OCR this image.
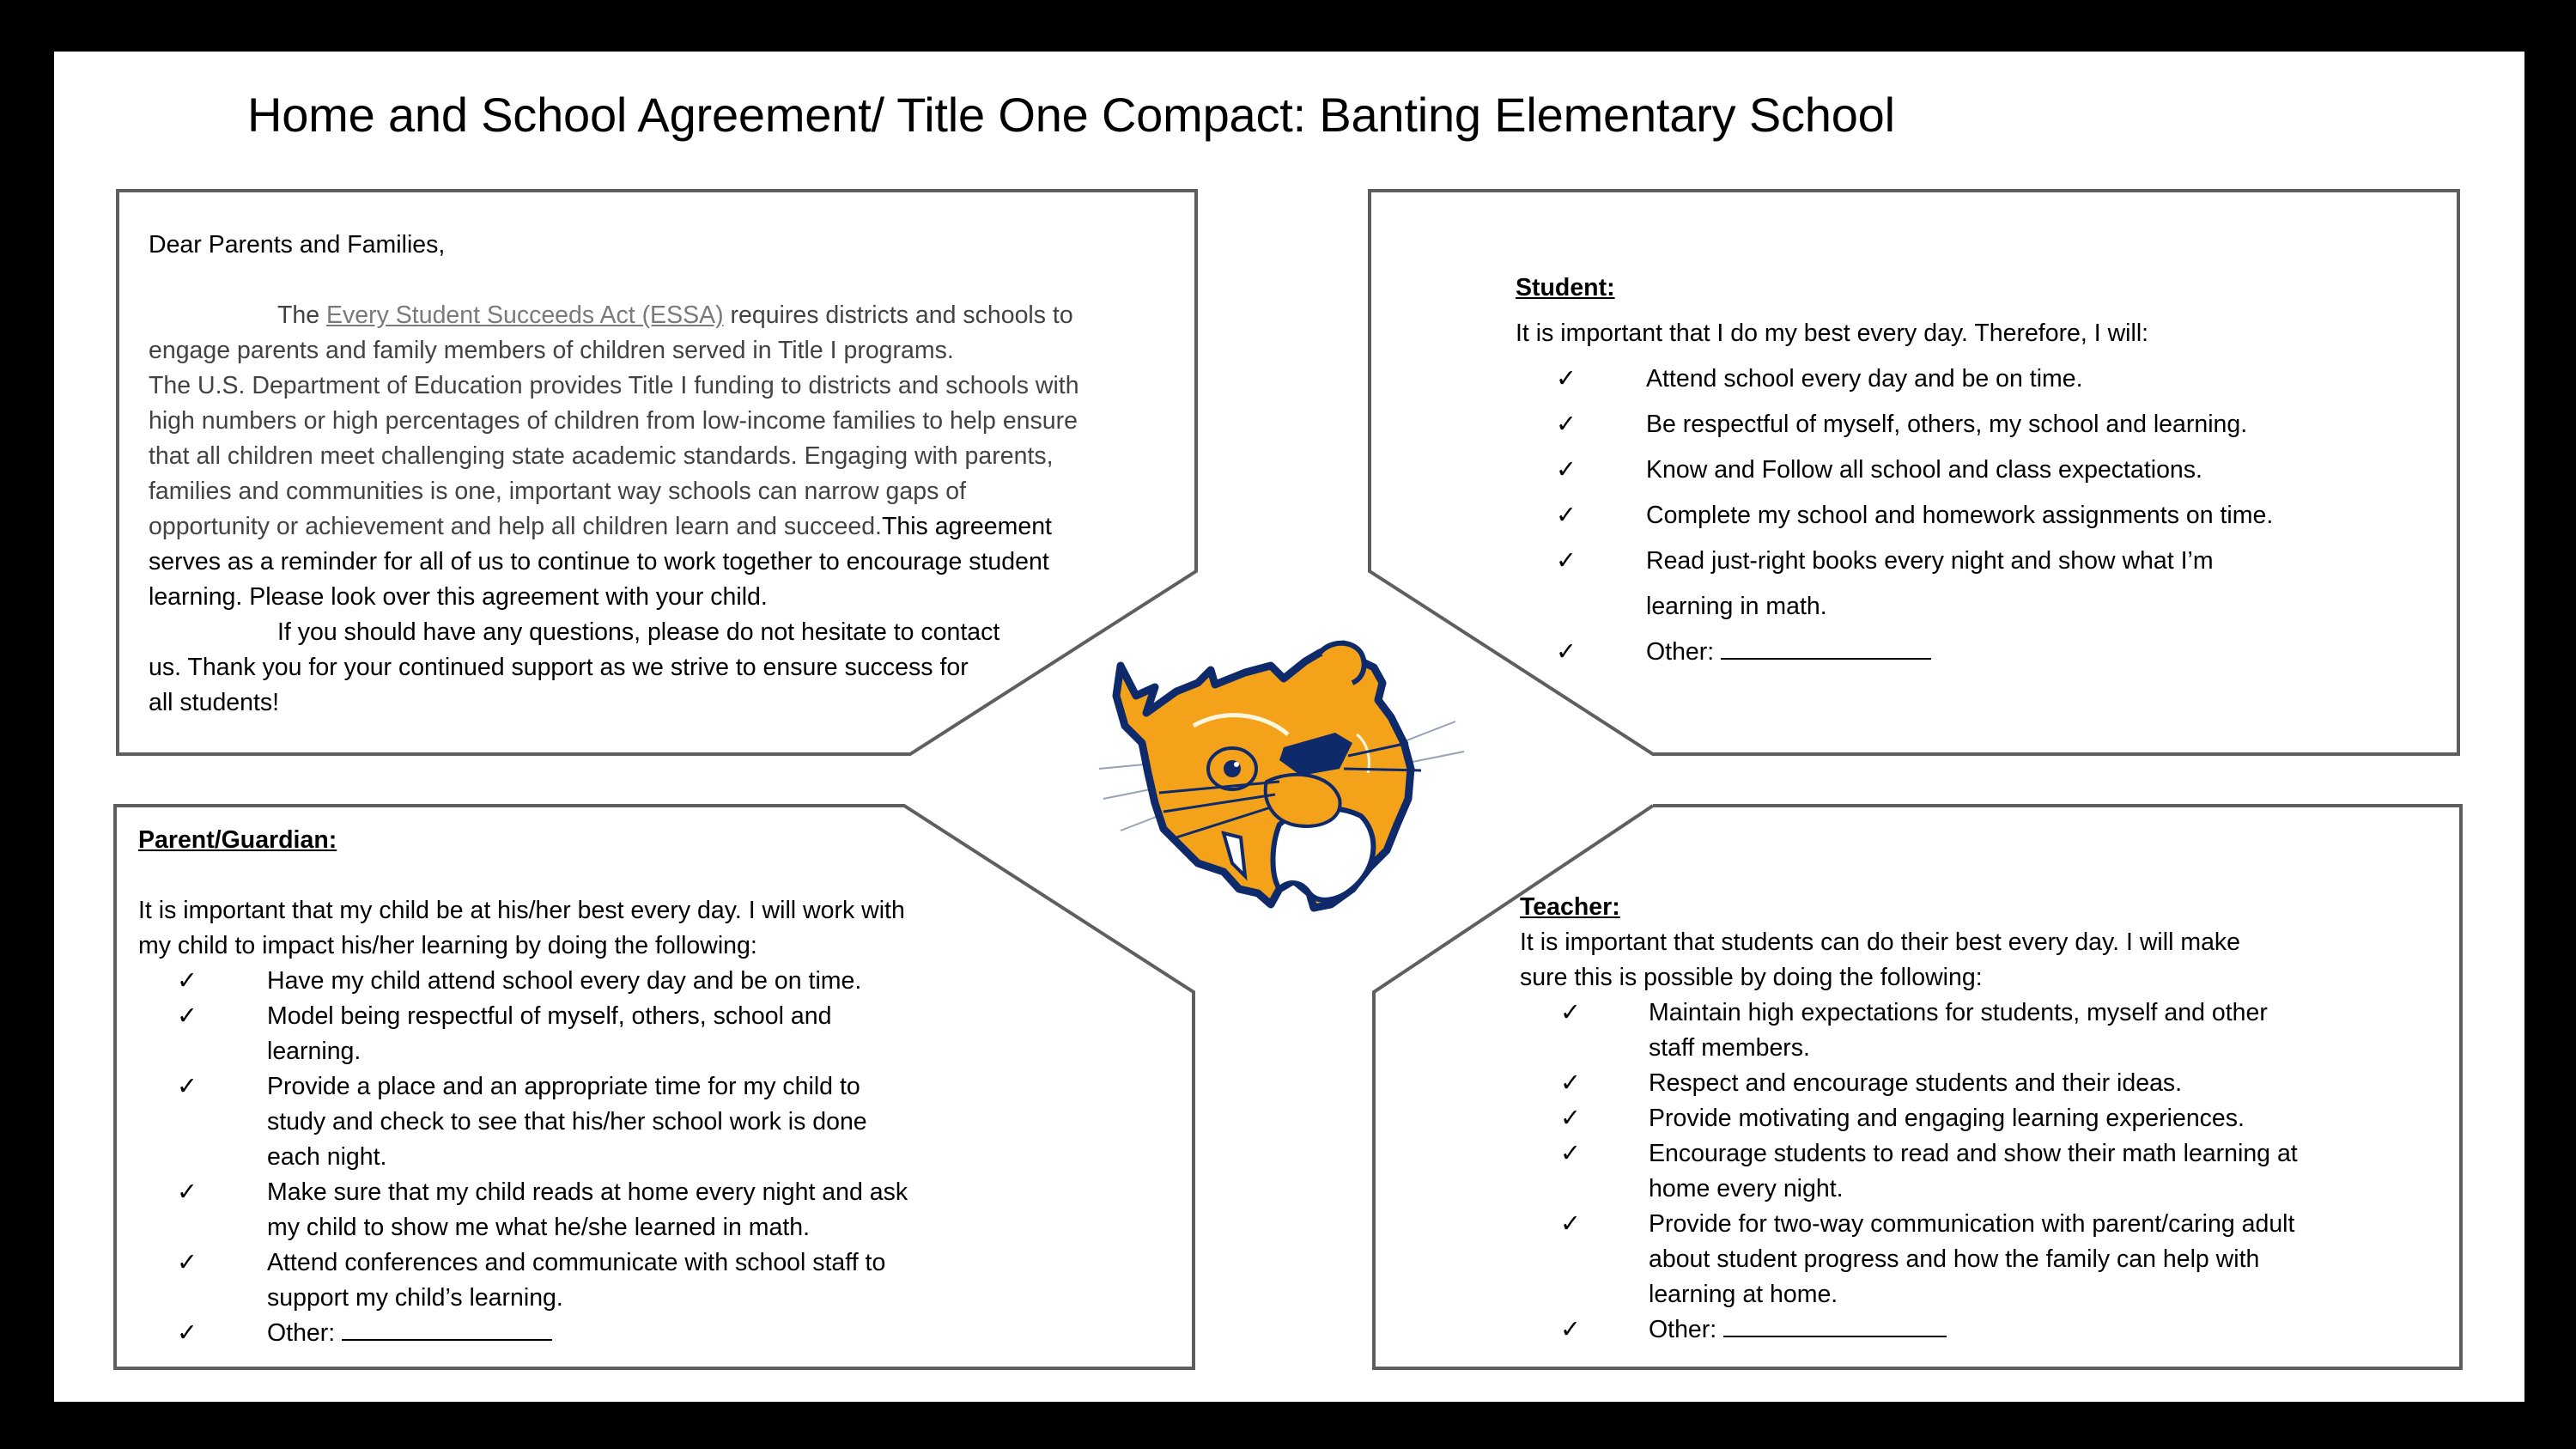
Home and School Agreement/ Title One Compact: Banting Elementary School
Dear Parents and Families,
The Every Student Succeeds Act (ESSA) requires districts and schools to
engage parents and family members of children served in Title I programs.
The U.S. Department of Education provides Title I funding to districts and schools with
high numbers or high percentages of children from low-income families to help ensure
that all children meet challenging state academic standards. Engaging with parents,
families and communities is one, important way schools can narrow gaps of
opportunity or achievement and help all children learn and succeed.This agreement
serves as a reminder for all of us to continue to work together to encourage student
learning. Please look over this agreement with your child.
If you should have any questions, please do not hesitate to contact
us. Thank you for your continued support as we strive to ensure success for
all students!
Student:
It is important that I do my best every day. Therefore, I will:
✓	Attend school every day and be on time.
✓	Be respectful of myself, others, my school and learning.
✓	Know and Follow all school and class expectations.
✓	Complete my school and homework assignments on time.
✓	Read just-right books every night and show what I’m
learning in math.
✓	Other:
Parent/Guardian:
It is important that my child be at his/her best every day. I will work with
my child to impact his/her learning by doing the following:
✓	Have my child attend school every day and be on time.
✓	Model being respectful of myself, others, school and
learning.
✓	Provide a place and an appropriate time for my child to
study and check to see that his/her school work is done
each night.
✓	Make sure that my child reads at home every night and ask
my child to show me what he/she learned in math.
✓	Attend conferences and communicate with school staff to
support my child’s learning.
✓	Other:
Teacher:
It is important that students can do their best every day. I will make
sure this is possible by doing the following:
✓	Maintain high expectations for students, myself and other
staff members.
✓	Respect and encourage students and their ideas.
✓	Provide motivating and engaging learning experiences.
✓	Encourage students to read and show their math learning at
home every night.
✓	Provide for two-way communication with parent/caring adult
about student progress and how the family can help with
learning at home.
✓	Other:
